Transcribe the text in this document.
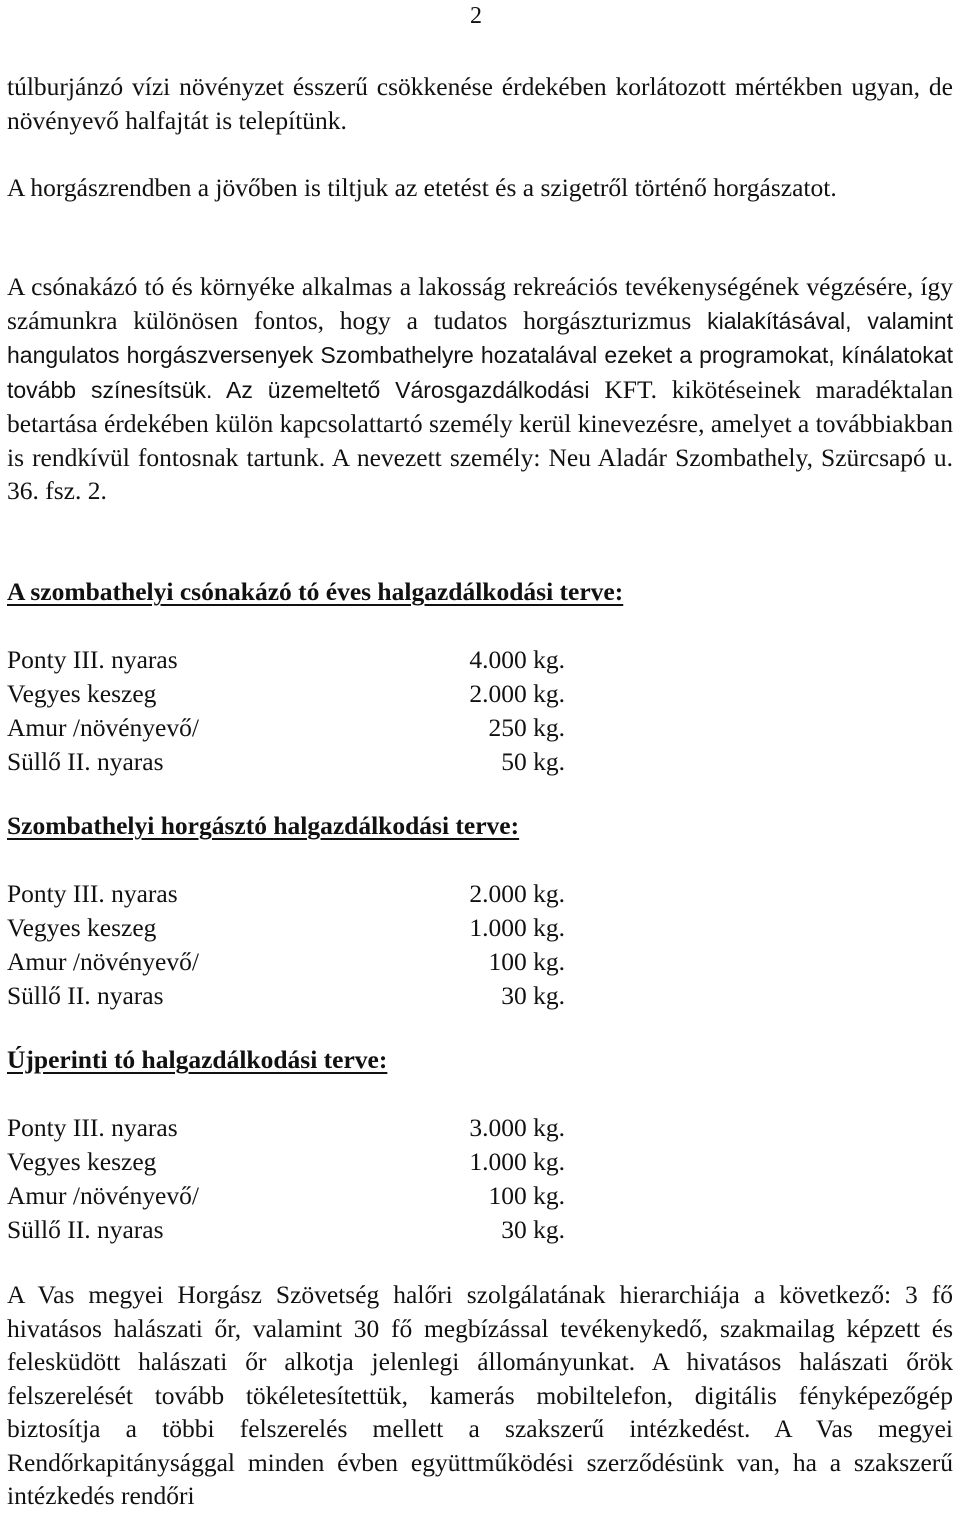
2
túlburjánzó vízi növényzet ésszerű csökkenése érdekében korlátozott mértékben ugyan, de növényevő halfajtát is telepítünk.
A horgászrendben a jövőben is tiltjuk az etetést és a szigetről történő horgászatot.
A csónakázó tó és környéke alkalmas a lakosság rekreációs tevékenységének végzésére, így számunkra különösen fontos, hogy a tudatos horgászturizmus kialakításával, valamint hangulatos horgászversenyek Szombathelyre hozatalával ezeket a programokat, kínálatokat tovább színesítsük. Az üzemeltető Városgazdálkodási KFT. kikötéseinek maradéktalan betartása érdekében külön kapcsolattartó személy kerül kinevezésre, amelyet a továbbiakban is rendkívül fontosnak tartunk. A nevezett személy: Neu Aladár Szombathely, Szürcsapó u. 36. fsz. 2.
A szombathelyi csónakázó tó éves halgazdálkodási terve:
Ponty III. nyaras	4.000 kg.
Vegyes keszeg	2.000 kg.
Amur /növényevő/	250 kg.
Süllő II. nyaras	50 kg.
Szombathelyi horgásztó halgazdálkodási terve:
Ponty III. nyaras	2.000 kg.
Vegyes keszeg	1.000 kg.
Amur /növényevő/	100 kg.
Süllő II. nyaras	30 kg.
Újperinti tó halgazdálkodási terve:
Ponty III. nyaras	3.000 kg.
Vegyes keszeg	1.000 kg.
Amur /növényevő/	100 kg.
Süllő II. nyaras	30 kg.
A Vas megyei Horgász Szövetség halőri szolgálatának hierarchiája a következő: 3 fő hivatásos halászati őr, valamint 30 fő megbízással tevékenykedő, szakmailag képzett és felesküdött halászati őr alkotja jelenlegi állományunkat. A hivatásos halászati őrök felszerelését tovább tökéletesítettük, kamerás mobiltelefon, digitális fényképezőgép biztosítja a többi felszerelés mellett a szakszerű intézkedést. A Vas megyei Rendőrkapitánysággal minden évben együttműködési szerződésünk van, ha a szakszerű intézkedés rendőri
